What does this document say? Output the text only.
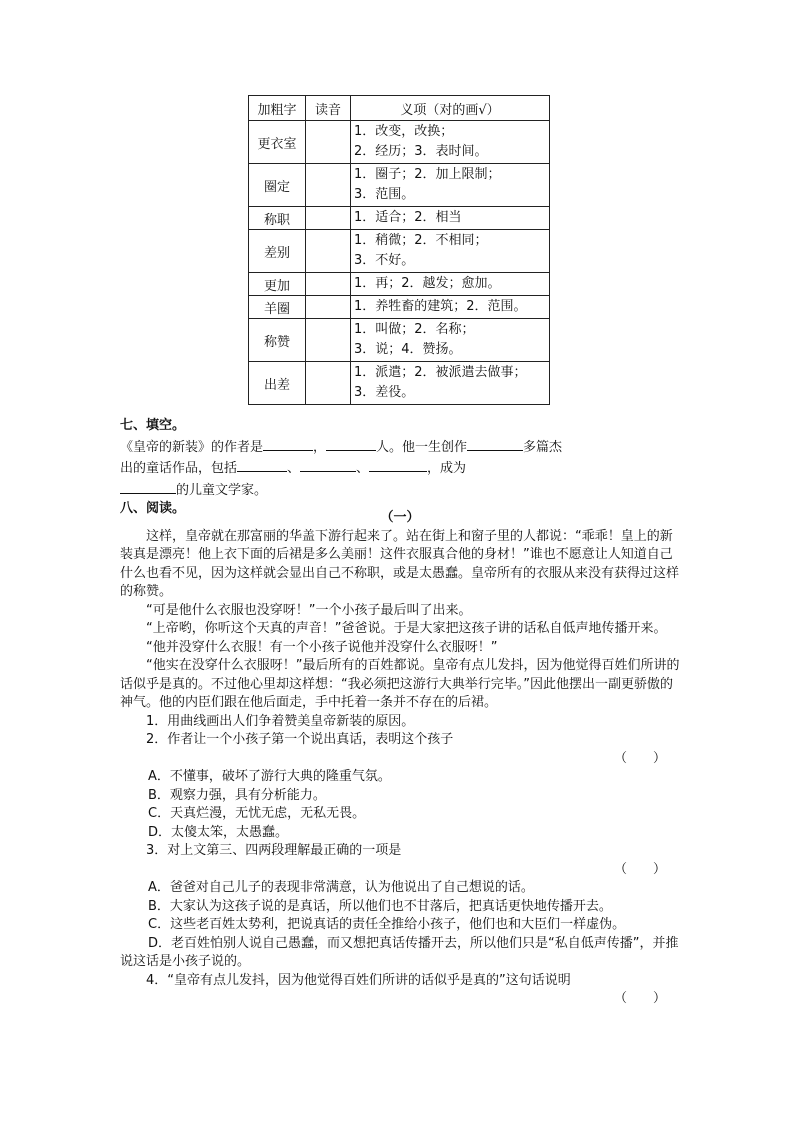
加粗字	读音	义项（对的画√）
更衣室		1．改变，改换；
2．经历；3．表时间。

圈定		1．圈子；2．加上限制；
3．范围。

称职		1．适合；2．相当

差别		1．稍微；2．不相同；
3．不好。

更加		1．再；2．越发；愈加。

羊圈		1．养牲畜的建筑；2．范围。

称赞		1．叫做；2．名称；
3．说；4．赞扬。

出差		1．派遣；2．被派遣去做事；
3．差役。
七、填空。
《皇帝的新装》的作者是	，	人。他一生创作	多篇杰
出的童话作品，包括	、	、	，成为
的儿童文学家。
八、阅读。
（一）
这样，皇帝就在那富丽的华盖下游行起来了。站在街上和窗子里的人都说：“乖乖！皇上的新装真是漂亮！他上衣下面的后裙是多么美丽！这件衣服真合他的身材！”谁也不愿意让人知道自己什么也看不见，因为这样就会显出自己不称职，或是太愚蠢。皇帝所有的衣服从来没有获得过这样的称赞。
“可是他什么衣服也没穿呀！”一个小孩子最后叫了出来。
“上帝哟，你听这个天真的声音！”爸爸说。于是大家把这孩子讲的话私自低声地传播开来。
“他并没穿什么衣服！有一个小孩子说他并没穿什么衣服呀！”
“他实在没穿什么衣服呀！”最后所有的百姓都说。皇帝有点儿发抖，因为他觉得百姓们所讲的话似乎是真的。不过他心里却这样想：“我必须把这游行大典举行完毕。”因此他摆出一副更骄傲的神气。他的内臣们跟在他后面走，手中托着一条并不存在的后裙。
1．用曲线画出人们争着赞美皇帝新装的原因。
2．作者让一个小孩子第一个说出真话，表明这个孩子
（　　）
A．不懂事，破坏了游行大典的隆重气氛。
B．观察力强，具有分析能力。
C．天真烂漫，无忧无虑，无私无畏。
D．太傻太笨，太愚蠢。
3．对上文第三、四两段理解最正确的一项是
（　　）
A．爸爸对自己儿子的表现非常满意，认为他说出了自己想说的话。
B．大家认为这孩子说的是真话，所以他们也不甘落后，把真话更快地传播开去。
C．这些老百姓太势利，把说真话的责任全推给小孩子，他们也和大臣们一样虚伪。
D．老百姓怕别人说自己愚蠢，而又想把真话传播开去，所以他们只是“私自低声传播”，并推说这话是小孩子说的。
4．“皇帝有点儿发抖，因为他觉得百姓们所讲的话似乎是真的”这句话说明
（　　）
